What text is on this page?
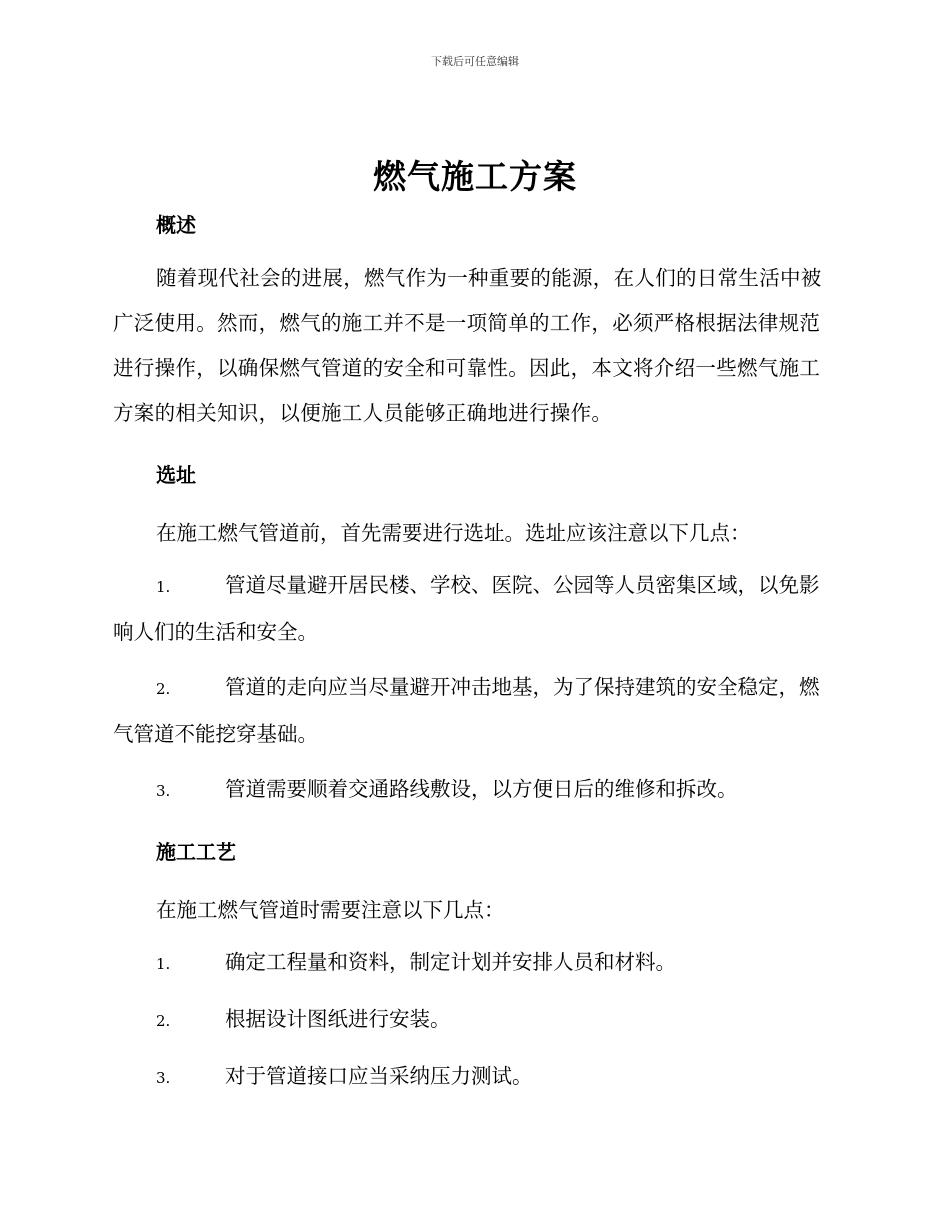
下载后可任意编辑
燃气施工方案
概述
随着现代社会的进展，燃气作为一种重要的能源，在人们的日常生活中被广泛使用。然而，燃气的施工并不是一项简单的工作，必须严格根据法律规范进行操作，以确保燃气管道的安全和可靠性。因此，本文将介绍一些燃气施工方案的相关知识，以便施工人员能够正确地进行操作。
选址
在施工燃气管道前，首先需要进行选址。选址应该注意以下几点：
1.	管道尽量避开居民楼、学校、医院、公园等人员密集区域，以免影响人们的生活和安全。
2.	管道的走向应当尽量避开冲击地基，为了保持建筑的安全稳定，燃气管道不能挖穿基础。
3.	管道需要顺着交通路线敷设，以方便日后的维修和拆改。
施工工艺
在施工燃气管道时需要注意以下几点：
1.	确定工程量和资料，制定计划并安排人员和材料。
2.	根据设计图纸进行安装。
3.	对于管道接口应当采纳压力测试。
